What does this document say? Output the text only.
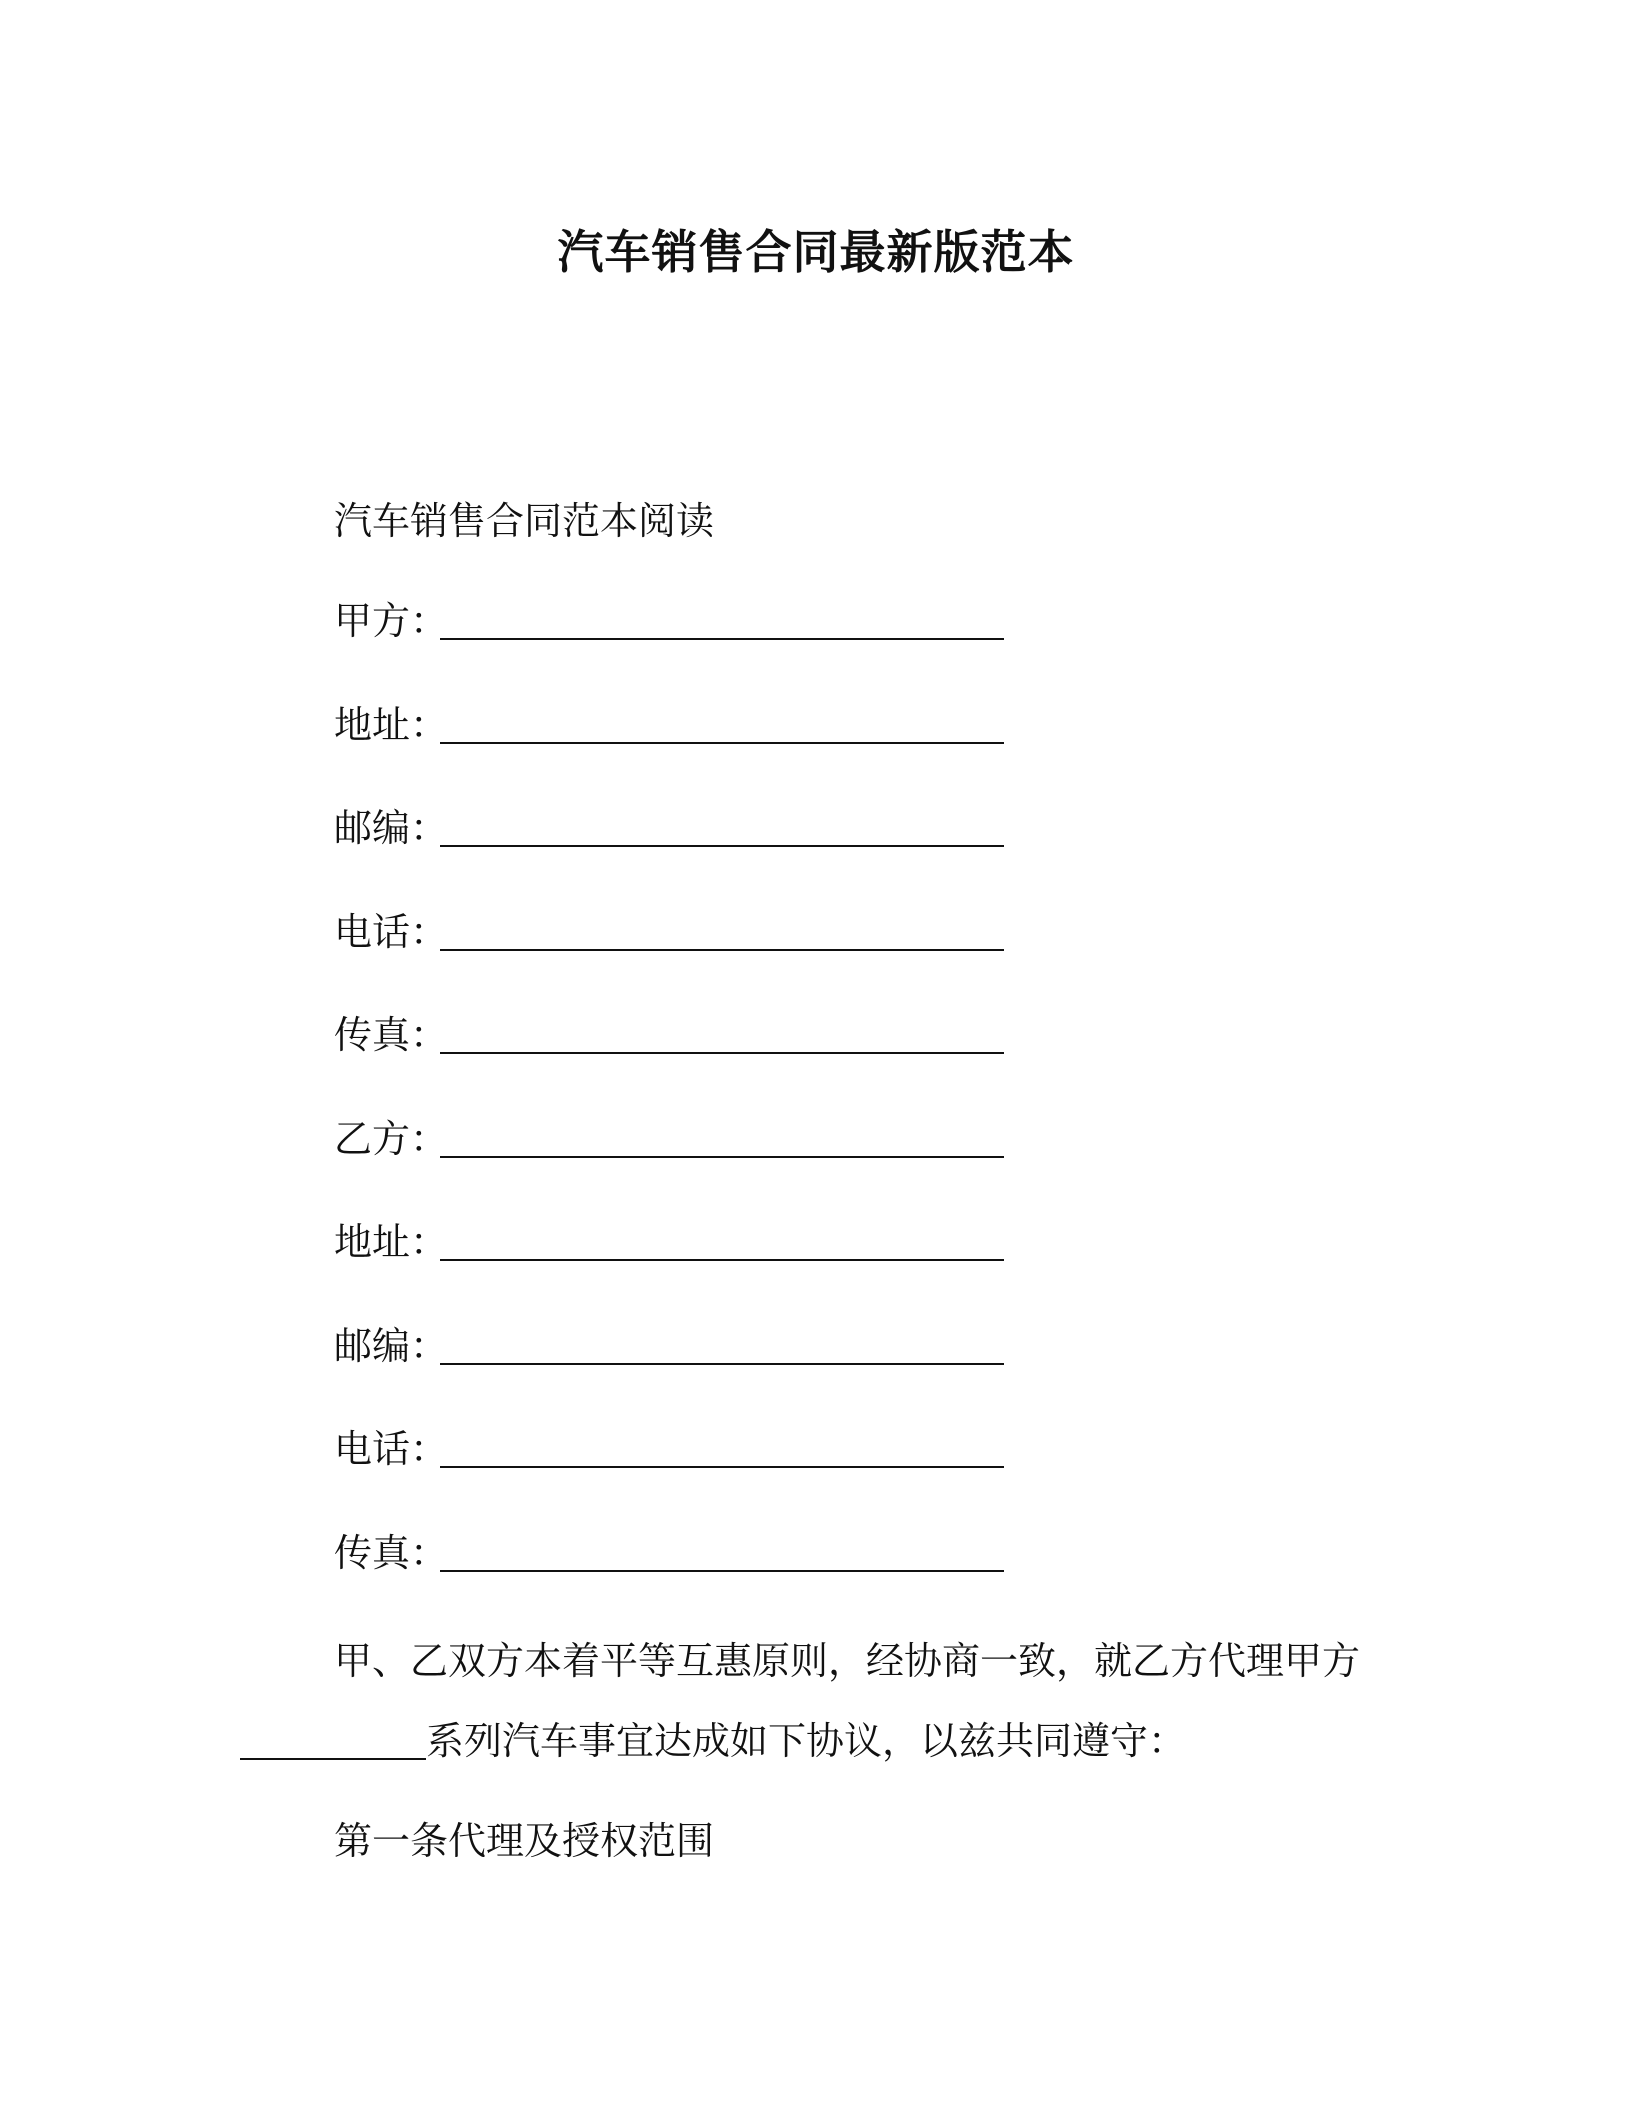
汽车销售合同最新版范本
汽车销售合同范本阅读
甲方 ：
地址 ：
邮编 ：
电话 ：
传真 ：
乙方 ：
地址 ：
邮编 ：
电话 ：
传真 ：
甲、乙双方本着平等互惠原则，经协商一致，就乙方代理甲方
系列汽车事宜达成如下协议，以兹共同遵守：
第一条代理及授权范围
